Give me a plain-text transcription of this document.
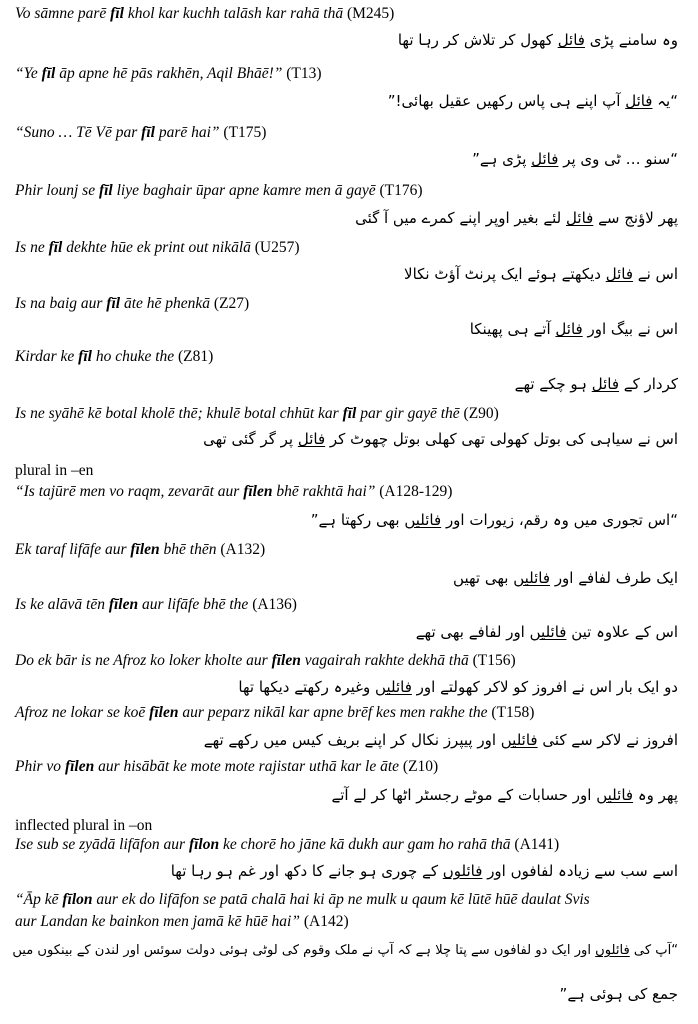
Vo sāmne parē fīl khol kar kuchh talāsh kar rahā thā (M245)
وہ سامنے پڑی فائل کھول کر تلاش کر رہا تھا
“Ye fīl āp apne hē pās rakhēn, Aqil Bhāē!” (T13)
“یہ فائل آپ اپنے ہی پاس رکھیں عقیل بھائی!”
“Suno … Tē Vē par fīl parē hai” (T175)
“سنو … ٹی وی پر فائل پڑی ہے”
Phir lounj se fīl liye baghair ūpar apne kamre men ā gayē (T176)
پھر لاؤنج سے فائل لئے بغیر اوپر اپنے کمرے میں آ گئی
Is ne fīl dekhte hūe ek print out nikālā (U257)
اس نے فائل دیکھتے ہوئے ایک پرنٹ آؤٹ نکالا
Is na baig aur fīl āte hē phenkā (Z27)
اس نے بیگ اور فائل آتے ہی پھینکا
Kirdar ke fīl ho chuke the (Z81)
کردار کے فائل ہو چکے تھے
Is ne syāhē kē botal kholē thē; khulē botal chhūt kar fīl par gir gayē thē (Z90)
اس نے سیاہی کی بوتل کھولی تھی کھلی بوتل چھوٹ کر فائل پر گر گئی تھی
plural in –en
“Is tajūrē men vo raqm, zevarāt aur fīlen bhē rakhtā hai” (A128-129)
“اس تجوری میں وہ رقم، زیورات اور فائلیں بھی رکھتا ہے”
Ek taraf lifāfe aur fīlen bhē thēn (A132)
ایک طرف لفافے اور فائلیں بھی تھیں
Is ke alāvā tēn fīlen aur lifāfe bhē the (A136)
اس کے علاوہ تین فائلیں اور لفافے بھی تھے
Do ek bār is ne Afroz ko loker kholte aur fīlen vagairah rakhte dekhā thā (T156)
دو ایک بار اس نے افروز کو لاکر کھولتے اور فائلیں وغیرہ رکھتے دیکھا تھا
Afroz ne lokar se koē fīlen aur peparz nikāl kar apne brēf kes men rakhe the (T158)
افروز نے لاکر سے کئی فائلیں اور پیپرز نکال کر اپنے بریف کیس میں رکھے تھے
Phir vo fīlen aur hisābāt ke mote mote rajistar uthā kar le āte (Z10)
پھر وہ فائلیں اور حسابات کے موٹے رجسٹر اٹھا کر لے آتے
inflected plural in –on
Ise sub se zyādā lifāfon aur fīlon ke chorē ho jāne kā dukh aur gam ho rahā thā (A141)
اسے سب سے زیادہ لفافوں اور فائلوں کے چوری ہو جانے کا دکھ اور غم ہو رہا تھا
“Āp kē fīlon aur ek do lifāfon se patā chalā hai ki āp ne mulk u qaum kē lūtē hūē daulat Svis
aur Landan ke bainkon men jamā kē hūē hai” (A142)
“آپ کی فائلوں اور ایک دو لفافوں سے پتا چلا ہے کہ آپ نے ملک وقوم کی لوٹی ہوئی دولت سوئس اور لندن کے بینکوں میں
جمع کی ہوئی ہے”
